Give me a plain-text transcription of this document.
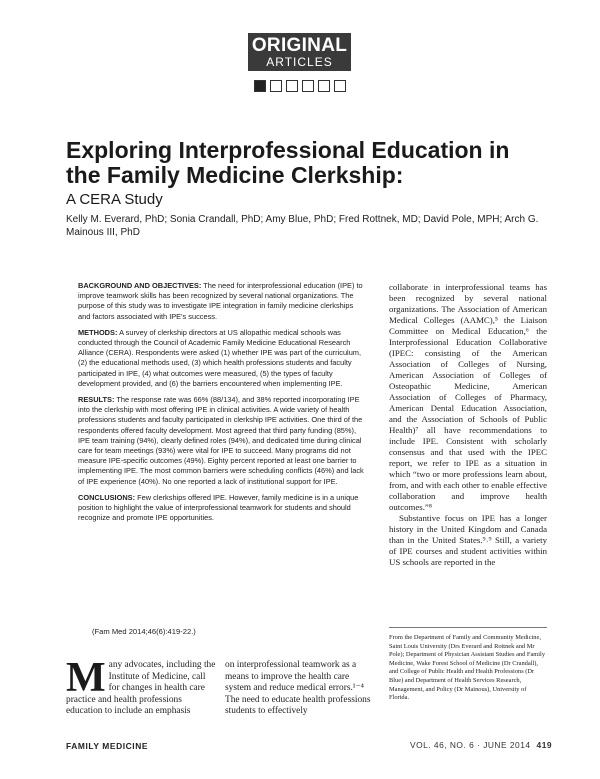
ORIGINAL
ARTICLES
Exploring Interprofessional Education in the Family Medicine Clerkship:
A CERA Study
Kelly M. Everard, PhD; Sonia Crandall, PhD; Amy Blue, PhD; Fred Rottnek, MD; David Pole, MPH; Arch G. Mainous III, PhD

BACKGROUND AND OBJECTIVES: The need for interprofessional education (IPE) to improve teamwork skills has been recognized by several national organizations. The purpose of this study was to investigate IPE integration in family medicine clerkships and factors associated with IPE's success.

METHODS: A survey of clerkship directors at US allopathic medical schools was conducted through the Council of Academic Family Medicine Educational Research Alliance (CERA). Respondents were asked (1) whether IPE was part of the curriculum, (2) the educational methods used, (3) which health professions students and faculty participated in IPE, (4) what outcomes were measured, (5) the types of faculty development provided, and (6) the barriers encountered when implementing IPE.

RESULTS: The response rate was 66% (88/134), and 38% reported incorporating IPE into the clerkship with most offering IPE in clinical activities. A wide variety of health professions students and faculty participated in clerkship IPE activities. One third of the respondents offered faculty development. Most agreed that third party funding (85%), IPE team training (94%), clearly defined roles (94%), and dedicated time during clinical care for team meetings (93%) were vital for IPE to succeed. Many programs did not measure IPE-specific outcomes (49%). Eighty percent reported at least one barrier to implementing IPE. The most common barriers were scheduling conflicts (46%) and lack of IPE experience (40%). No one reported a lack of institutional support for IPE.

CONCLUSIONS: Few clerkships offered IPE. However, family medicine is in a unique position to highlight the value of interprofessional teamwork for students and should recognize and promote IPE opportunities.

(Fam Med 2014;46(6):419-22.)

collaborate in interprofessional teams has been recognized by several national organizations. The Association of American Medical Colleges (AAMC),⁵ the Liaison Committee on Medical Education,⁶ the Interprofessional Education Collaborative (IPEC: consisting of the American Association of Colleges of Nursing, American Association of Colleges of Osteopathic Medicine, American Association of Colleges of Pharmacy, American Dental Education Association, and the Association of Schools of Public Health)⁷ all have recommendations to include IPE. Consistent with scholarly consensus and that used with the IPEC report, we refer to IPE as a situation in which “two or more professions learn about, from, and with each other to enable effective collaboration and improve health outcomes.”⁸

Substantive focus on IPE has a longer history in the United Kingdom and Canada than in the United States.⁹˒⁹ Still, a variety of IPE courses and student activities within US schools are reported in the

From the Department of Family and Community Medicine, Saint Louis University (Drs Everard and Rottnek and Mr Pole); Department of Physician Assistant Studies and Family Medicine, Wake Forest School of Medicine (Dr Crandall), and College of Public Health and Health Professions (Dr Blue) and Department of Health Services Research, Management, and Policy (Dr Mainous), University of Florida.
Many advocates, including the Institute of Medicine, call for changes in health care practice and health professions education to include an emphasis
on interprofessional teamwork as a means to improve the health care system and reduce medical errors.¹⁻⁴ The need to educate health professions students to effectively
FAMILY MEDICINE	VOL. 46, NO. 6 · JUNE 2014 419
